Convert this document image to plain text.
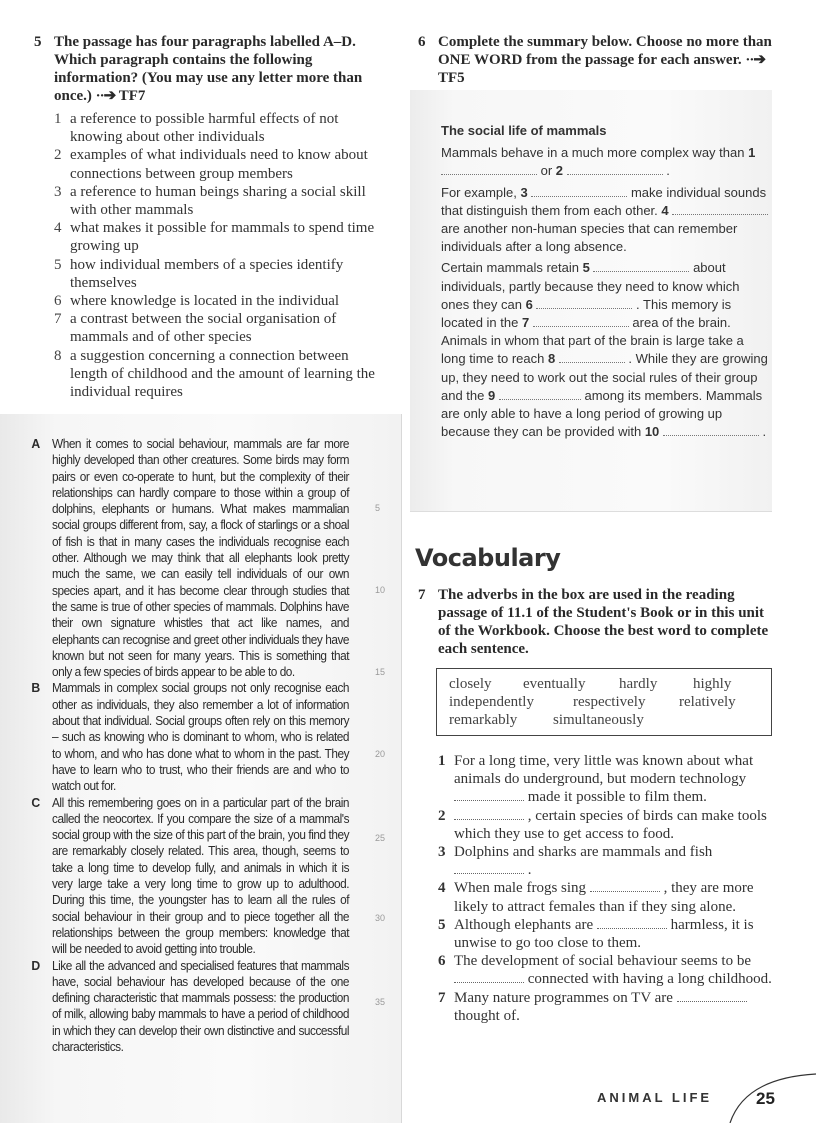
5 The passage has four paragraphs labelled A–D. Which paragraph contains the following information? (You may use any letter more than once.) ··➔ TF7
1 a reference to possible harmful effects of not knowing about other individuals
2 examples of what individuals need to know about connections between group members
3 a reference to human beings sharing a social skill with other mammals
4 what makes it possible for mammals to spend time growing up
5 how individual members of a species identify themselves
6 where knowledge is located in the individual
7 a contrast between the social organisation of mammals and of other species
8 a suggestion concerning a connection between length of childhood and the amount of learning the individual requires

A When it comes to social behaviour, mammals are far more highly developed than other creatures. Some birds may form pairs or even co-operate to hunt, but the complexity of their relationships can hardly compare to those within a group of dolphins, elephants or humans. What makes mammalian social groups different from, say, a flock of starlings or a shoal of fish is that in many cases the individuals recognise each other. Although we may think that all elephants look pretty much the same, we can easily tell individuals of our own species apart, and it has become clear through studies that the same is true of other species of mammals. Dolphins have their own signature whistles that act like names, and elephants can recognise and greet other individuals they have known but not seen for many years. This is something that only a few species of birds appear to be able to do.

B Mammals in complex social groups not only recognise each other as individuals, they also remember a lot of information about that individual. Social groups often rely on this memory – such as knowing who is dominant to whom, who is related to whom, and who has done what to whom in the past. They have to learn who to trust, who their friends are and who to watch out for.

C All this remembering goes on in a particular part of the brain called the neocortex. If you compare the size of a mammal's social group with the size of this part of the brain, you find they are remarkably closely related. This area, though, seems to take a long time to develop fully, and animals in which it is very large take a very long time to grow up to adulthood. During this time, the youngster has to learn all the rules of social behaviour in their group and to piece together all the relationships between the group members: knowledge that will be needed to avoid getting into trouble.

D Like all the advanced and specialised features that mammals have, social behaviour has developed because of the one defining characteristic that mammals possess: the production of milk, allowing baby mammals to have a period of childhood in which they can develop their own distinctive and successful characteristics.

5
10
15
20
25
30
35
6 Complete the summary below. Choose no more than ONE WORD from the passage for each answer. ··➔ TF5
The social life of mammals

Mammals behave in a much more complex way than 1  or 2	.

For example, 3	make individual sounds that distinguish them from each other. 4  are another non-human species that can remember individuals after a long absence.

Certain mammals retain 5	about individuals, partly because they need to know which ones they can 6	. This memory is located in the 7	area of the brain. Animals in whom that part of the brain is large take a long time to reach 8	. While they are growing up, they need to work out the social rules of their group and the 9	among its members. Mammals are only able to have a long period of growing up because they can be provided with 10	.

Vocabulary
7 The adverbs in the box are used in the reading passage of 11.1 of the Student's Book or in this unit of the Workbook. Choose the best word to complete each sentence.
closely eventually hardly highly
independently	respectively relatively
remarkably simultaneously
1 For a long time, very little was known about what animals do underground, but modern technology  made it possible to film them.
2	, certain species of birds can make tools which they use to get access to food.
3 Dolphins and sharks are mammals and fish  .
4 When male frogs sing	, they are more likely to attract females than if they sing alone.
5 Although elephants are	harmless, it is unwise to go too close to them.
6 The development of social behaviour seems to be  connected with having a long childhood.
7 Many nature programmes on TV are  thought of.
ANIMAL LIFE	25
